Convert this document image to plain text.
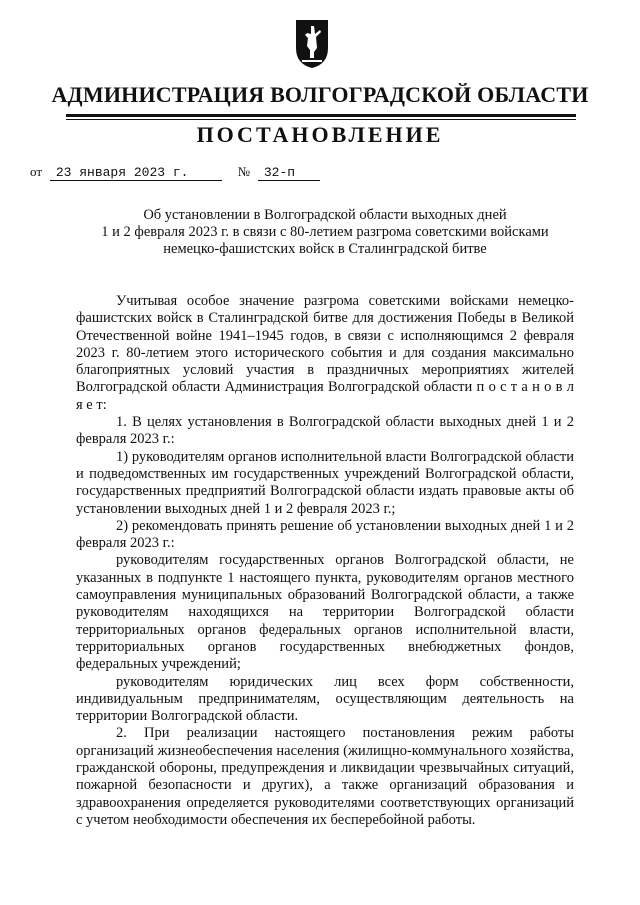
АДМИНИСТРАЦИЯ ВОЛГОГРАДСКОЙ ОБЛАСТИ
ПОСТАНОВЛЕНИЕ
от 23 января 2023 г.	№ 32-п
Об установлении в Волгоградской области выходных дней
1 и 2 февраля 2023 г. в связи с 80-летием разгрома советскими войсками
немецко-фашистских войск в Сталинградской битве

Учитывая особое значение разгрома советскими войсками немецко-фашистских войск в Сталинградской битве для достижения Победы в Великой Отечественной войне 1941–1945 годов, в связи с исполняющимся 2 февраля 2023 г. 80-летием этого исторического события и для создания максимально благоприятных условий участия в праздничных мероприятиях жителей Волгоградской области Администрация Волгоградской области п о с т а н о в л я е т:

1. В целях установления в Волгоградской области выходных дней 1 и 2 февраля 2023 г.:

1) руководителям органов исполнительной власти Волгоградской области и подведомственных им государственных учреждений Волгоградской области, государственных предприятий Волгоградской области издать правовые акты об установлении выходных дней 1 и 2 февраля 2023 г.;

2) рекомендовать принять решение об установлении выходных дней 1 и 2 февраля 2023 г.:

руководителям государственных органов Волгоградской области, не указанных в подпункте 1 настоящего пункта, руководителям органов местного самоуправления муниципальных образований Волгоградской области, а также руководителям находящихся на территории Волгоградской области территориальных органов федеральных органов исполнительной власти, территориальных органов государственных внебюджетных фондов, федеральных учреждений;

руководителям юридических лиц всех форм собственности, индивидуальным предпринимателям, осуществляющим деятельность на территории Волгоградской области.

2. При реализации настоящего постановления режим работы организаций жизнеобеспечения населения (жилищно-коммунального хозяйства, гражданской обороны, предупреждения и ликвидации чрезвычайных ситуаций, пожарной безопасности и других), а также организаций образования и здравоохранения определяется руководителями соответствующих организаций с учетом необходимости обеспечения их бесперебойной работы.
